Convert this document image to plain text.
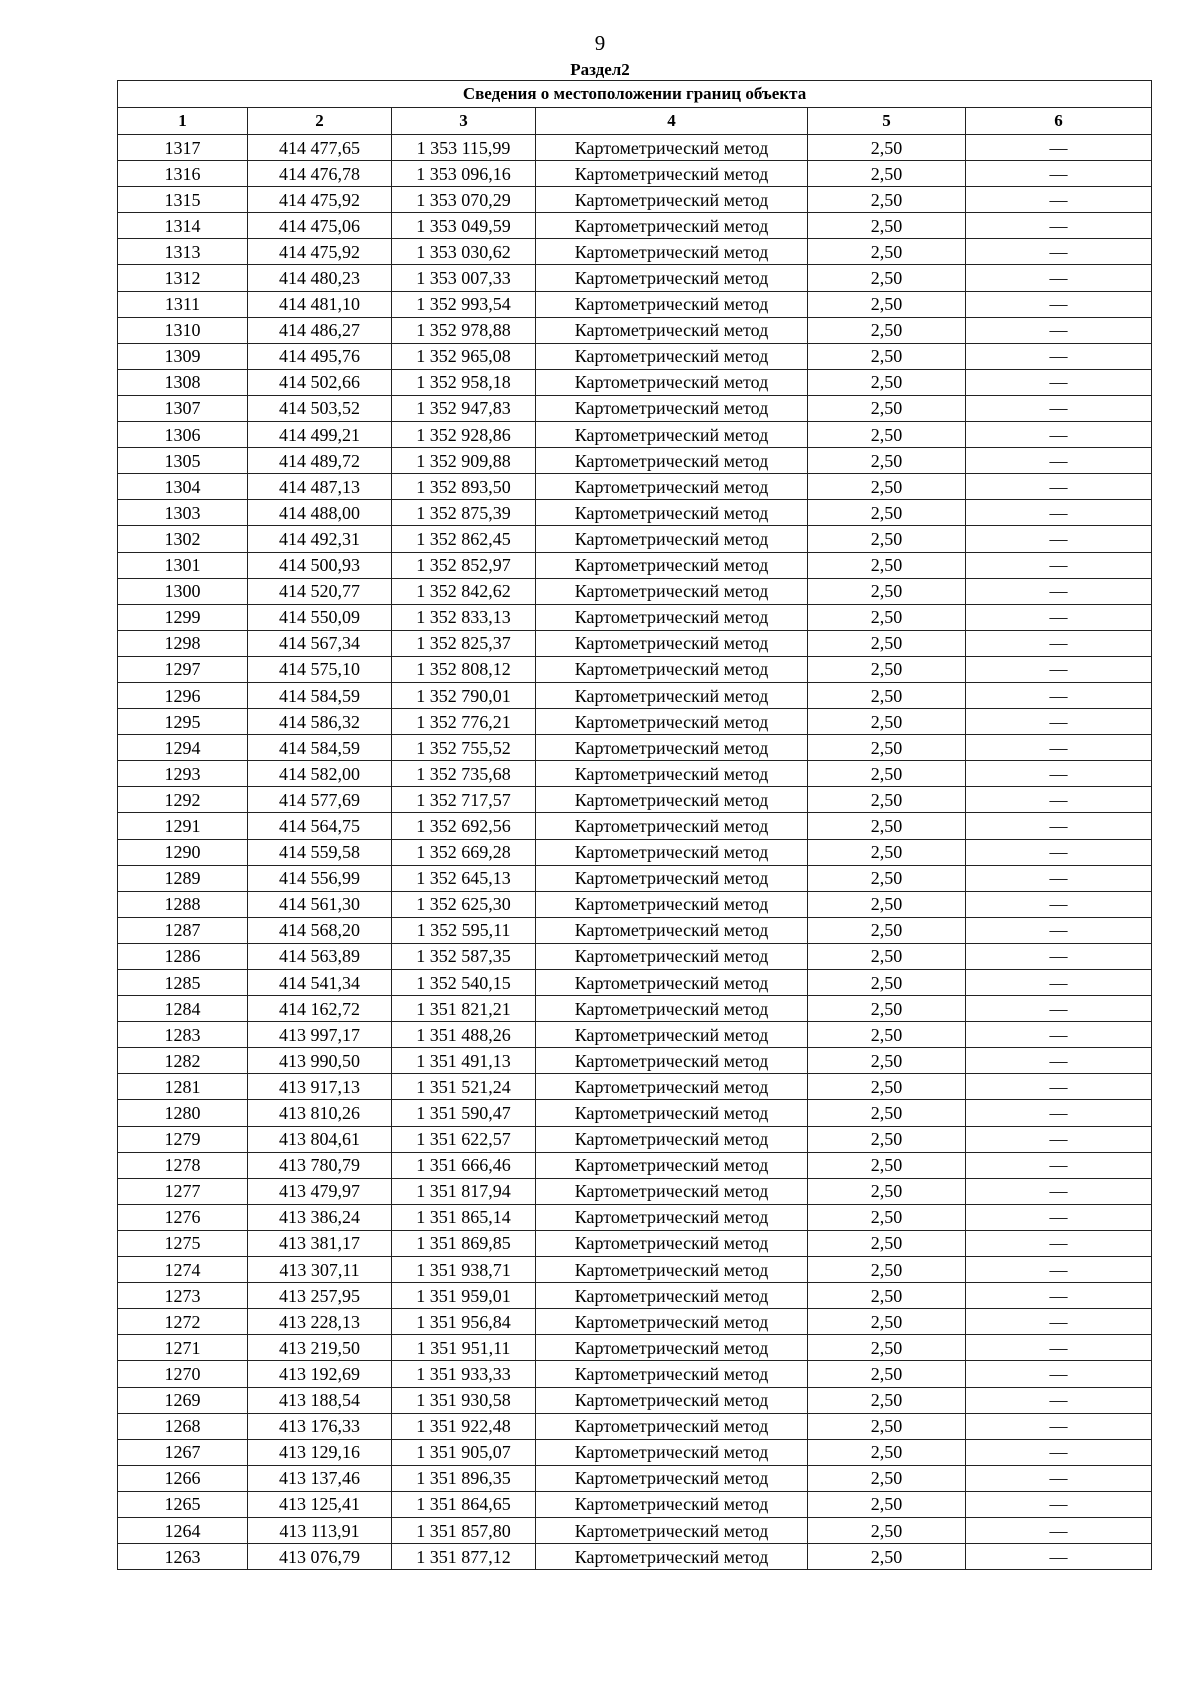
9
Раздел2
Сведения о местоположении границ объекта					
1	2	3	4	5	6
1317	414 477,65	1 353 115,99	Картометрический метод	2,50	—
1316	414 476,78	1 353 096,16	Картометрический метод	2,50	—
1315	414 475,92	1 353 070,29	Картометрический метод	2,50	—
1314	414 475,06	1 353 049,59	Картометрический метод	2,50	—
1313	414 475,92	1 353 030,62	Картометрический метод	2,50	—
1312	414 480,23	1 353 007,33	Картометрический метод	2,50	—
1311	414 481,10	1 352 993,54	Картометрический метод	2,50	—
1310	414 486,27	1 352 978,88	Картометрический метод	2,50	—
1309	414 495,76	1 352 965,08	Картометрический метод	2,50	—
1308	414 502,66	1 352 958,18	Картометрический метод	2,50	—
1307	414 503,52	1 352 947,83	Картометрический метод	2,50	—
1306	414 499,21	1 352 928,86	Картометрический метод	2,50	—
1305	414 489,72	1 352 909,88	Картометрический метод	2,50	—
1304	414 487,13	1 352 893,50	Картометрический метод	2,50	—
1303	414 488,00	1 352 875,39	Картометрический метод	2,50	—
1302	414 492,31	1 352 862,45	Картометрический метод	2,50	—
1301	414 500,93	1 352 852,97	Картометрический метод	2,50	—
1300	414 520,77	1 352 842,62	Картометрический метод	2,50	—
1299	414 550,09	1 352 833,13	Картометрический метод	2,50	—
1298	414 567,34	1 352 825,37	Картометрический метод	2,50	—
1297	414 575,10	1 352 808,12	Картометрический метод	2,50	—
1296	414 584,59	1 352 790,01	Картометрический метод	2,50	—
1295	414 586,32	1 352 776,21	Картометрический метод	2,50	—
1294	414 584,59	1 352 755,52	Картометрический метод	2,50	—
1293	414 582,00	1 352 735,68	Картометрический метод	2,50	—
1292	414 577,69	1 352 717,57	Картометрический метод	2,50	—
1291	414 564,75	1 352 692,56	Картометрический метод	2,50	—
1290	414 559,58	1 352 669,28	Картометрический метод	2,50	—
1289	414 556,99	1 352 645,13	Картометрический метод	2,50	—
1288	414 561,30	1 352 625,30	Картометрический метод	2,50	—
1287	414 568,20	1 352 595,11	Картометрический метод	2,50	—
1286	414 563,89	1 352 587,35	Картометрический метод	2,50	—
1285	414 541,34	1 352 540,15	Картометрический метод	2,50	—
1284	414 162,72	1 351 821,21	Картометрический метод	2,50	—
1283	413 997,17	1 351 488,26	Картометрический метод	2,50	—
1282	413 990,50	1 351 491,13	Картометрический метод	2,50	—
1281	413 917,13	1 351 521,24	Картометрический метод	2,50	—
1280	413 810,26	1 351 590,47	Картометрический метод	2,50	—
1279	413 804,61	1 351 622,57	Картометрический метод	2,50	—
1278	413 780,79	1 351 666,46	Картометрический метод	2,50	—
1277	413 479,97	1 351 817,94	Картометрический метод	2,50	—
1276	413 386,24	1 351 865,14	Картометрический метод	2,50	—
1275	413 381,17	1 351 869,85	Картометрический метод	2,50	—
1274	413 307,11	1 351 938,71	Картометрический метод	2,50	—
1273	413 257,95	1 351 959,01	Картометрический метод	2,50	—
1272	413 228,13	1 351 956,84	Картометрический метод	2,50	—
1271	413 219,50	1 351 951,11	Картометрический метод	2,50	—
1270	413 192,69	1 351 933,33	Картометрический метод	2,50	—
1269	413 188,54	1 351 930,58	Картометрический метод	2,50	—
1268	413 176,33	1 351 922,48	Картометрический метод	2,50	—
1267	413 129,16	1 351 905,07	Картометрический метод	2,50	—
1266	413 137,46	1 351 896,35	Картометрический метод	2,50	—
1265	413 125,41	1 351 864,65	Картометрический метод	2,50	—
1264	413 113,91	1 351 857,80	Картометрический метод	2,50	—
1263	413 076,79	1 351 877,12	Картометрический метод	2,50	—
